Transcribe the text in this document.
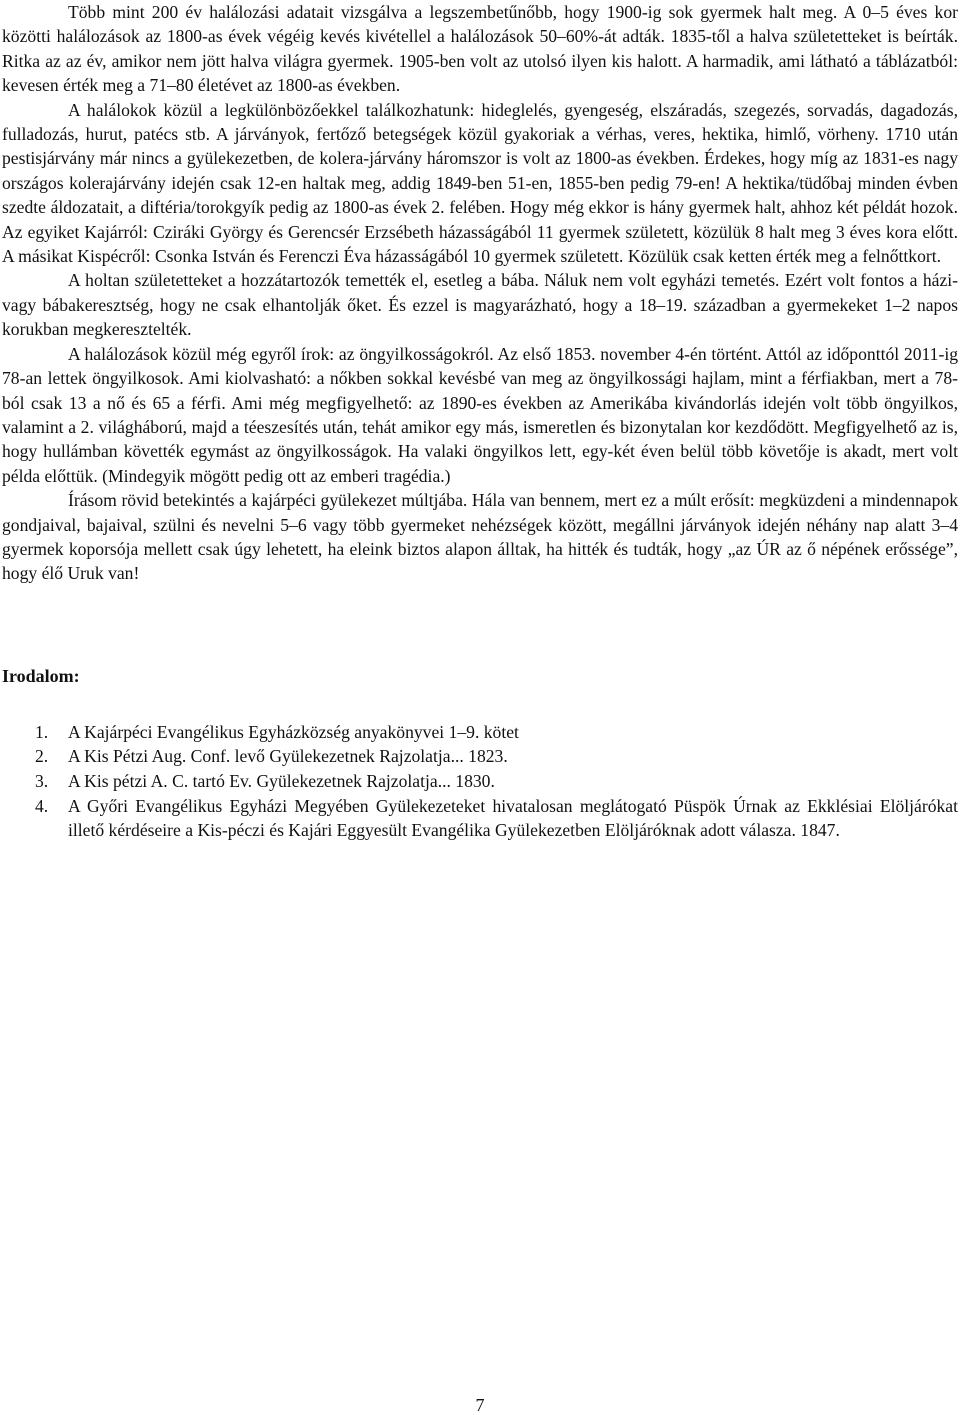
Több mint 200 év halálozási adatait vizsgálva a legszembetűnőbb, hogy 1900-ig sok gyermek halt meg. A 0–5 éves kor közötti halálozások az 1800-as évek végéig kevés kivétellel a halálozások 50–60%-át adták. 1835-től a halva születetteket is beírták. Ritka az az év, amikor nem jött halva világra gyermek. 1905-ben volt az utolsó ilyen kis halott. A harmadik, ami látható a táblázatból: kevesen érték meg a 71–80 életévet az 1800-as években.

A halálokok közül a legkülönbözőekkel találkozhatunk: hideglelés, gyengeség, elszáradás, szegezés, sorvadás, dagadozás, fulladozás, hurut, patécs stb. A járványok, fertőző betegségek közül gyakoriak a vérhas, veres, hektika, himlő, vörheny. 1710 után pestisjárvány már nincs a gyülekezetben, de kolera-járvány háromszor is volt az 1800-as években. Érdekes, hogy míg az 1831-es nagy országos kolerajárvány idején csak 12-en haltak meg, addig 1849-ben 51-en, 1855-ben pedig 79-en! A hektika/tüdőbaj minden évben szedte áldozatait, a diftéria/torokgyík pedig az 1800-as évek 2. felében. Hogy még ekkor is hány gyermek halt, ahhoz két példát hozok. Az egyiket Kajárról: Cziráki György és Gerencsér Erzsébeth házasságából 11 gyermek született, közülük 8 halt meg 3 éves kora előtt. A másikat Kispécről: Csonka István és Ferenczi Éva házasságából 10 gyermek született. Közülük csak ketten érték meg a felnőttkort.

A holtan születetteket a hozzátartozók temették el, esetleg a bába. Náluk nem volt egyházi temetés. Ezért volt fontos a házi- vagy bábakeresztség, hogy ne csak elhantolják őket. És ezzel is magyarázható, hogy a 18–19. században a gyermekeket 1–2 napos korukban megkeresztelték.

A halálozások közül még egyről írok: az öngyilkosságokról. Az első 1853. november 4-én történt. Attól az időponttól 2011-ig 78-an lettek öngyilkosok. Ami kiolvasható: a nőkben sokkal kevésbé van meg az öngyilkossági hajlam, mint a férfiakban, mert a 78-ból csak 13 a nő és 65 a férfi. Ami még megfigyelhető: az 1890-es években az Amerikába kivándorlás idején volt több öngyilkos, valamint a 2. világháború, majd a téeszesítés után, tehát amikor egy más, ismeretlen és bizonytalan kor kezdődött. Megfigyelhető az is, hogy hullámban követték egymást az öngyilkosságok. Ha valaki öngyilkos lett, egy-két éven belül több követője is akadt, mert volt példa előttük. (Mindegyik mögött pedig ott az emberi tragédia.)

Írásom rövid betekintés a kajárpéci gyülekezet múltjába. Hála van bennem, mert ez a múlt erősít: megküzdeni a mindennapok gondjaival, bajaival, szülni és nevelni 5–6 vagy több gyermeket nehézségek között, megállni járványok idején néhány nap alatt 3–4 gyermek koporsója mellett csak úgy lehetett, ha eleink biztos alapon álltak, ha hitték és tudták, hogy „az ÚR az ő népének erőssége”, hogy élő Uruk van!

Irodalom:
1.	A Kajárpéci Evangélikus Egyházközség anyakönyvei 1–9. kötet
2.	A Kis Pétzi Aug. Conf. levő Gyülekezetnek Rajzolatja... 1823.
3.	A Kis pétzi A. C. tartó Ev. Gyülekezetnek Rajzolatja... 1830.
4.	A Győri Evangélikus Egyházi Megyében Gyülekezeteket hivatalosan meglátogató Püspök Úrnak az Ekklésiai Elöljárókat illető kérdéseire a Kis-péczi és Kajári Eggyesült Evangélika Gyülekezetben Elöljáróknak adott válasza. 1847.
7
